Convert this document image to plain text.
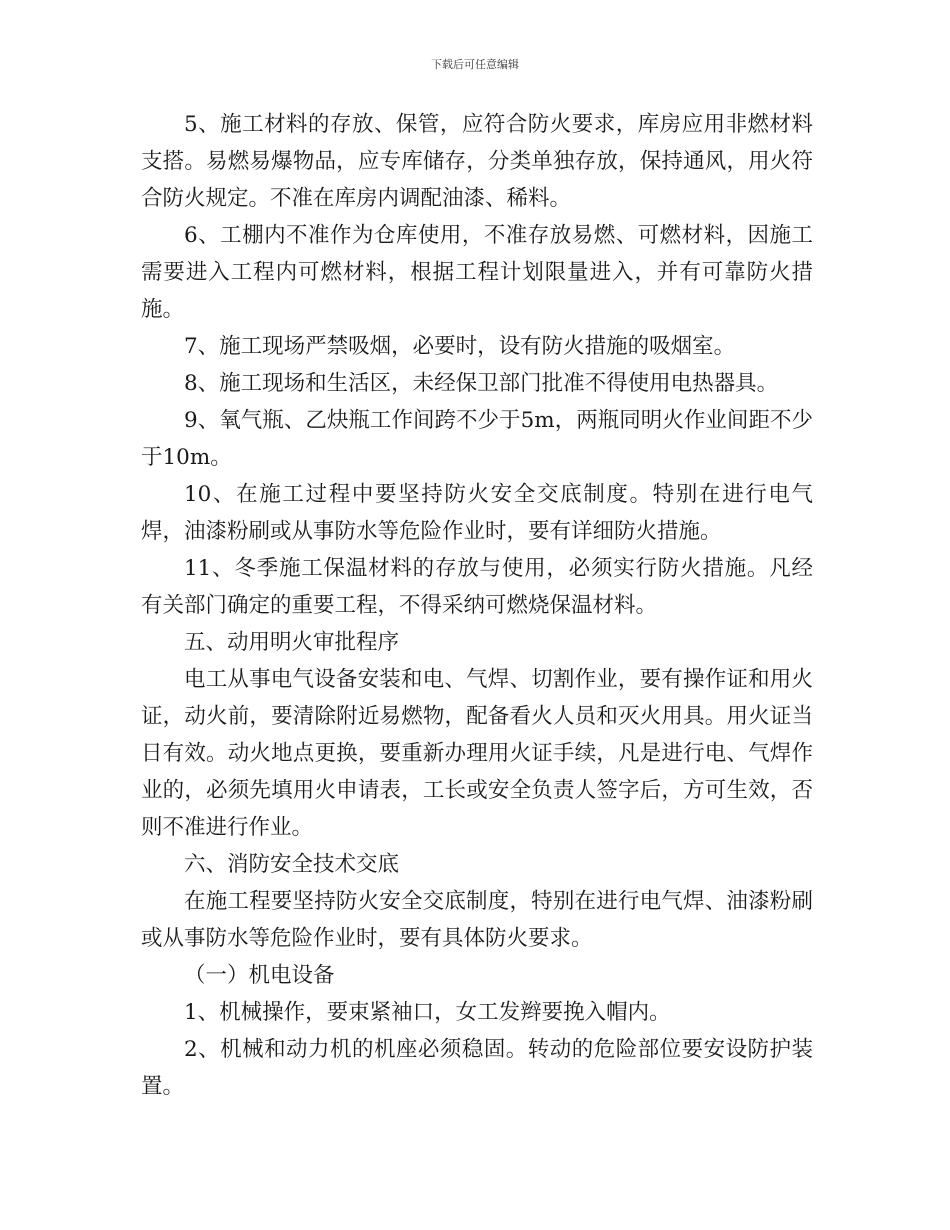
下载后可任意编辑

5、施工材料的存放、保管，应符合防火要求，库房应用非燃材料支搭。易燃易爆物品，应专库储存，分类单独存放，保持通风，用火符合防火规定。不准在库房内调配油漆、稀料。

6、工棚内不准作为仓库使用，不准存放易燃、可燃材料，因施工需要进入工程内可燃材料，根据工程计划限量进入，并有可靠防火措施。

7、施工现场严禁吸烟，必要时，设有防火措施的吸烟室。

8、施工现场和生活区，未经保卫部门批准不得使用电热器具。

9、氧气瓶、乙炔瓶工作间跨不少于5m，两瓶同明火作业间距不少于10m。

10、在施工过程中要坚持防火安全交底制度。特别在进行电气焊，油漆粉刷或从事防水等危险作业时，要有详细防火措施。

11、冬季施工保温材料的存放与使用，必须实行防火措施。凡经有关部门确定的重要工程，不得采纳可燃烧保温材料。

五、动用明火审批程序

电工从事电气设备安装和电、气焊、切割作业，要有操作证和用火证，动火前，要清除附近易燃物，配备看火人员和灭火用具。用火证当日有效。动火地点更换，要重新办理用火证手续，凡是进行电、气焊作业的，必须先填用火申请表，工长或安全负责人签字后，方可生效，否则不准进行作业。

六、消防安全技术交底

在施工程要坚持防火安全交底制度，特别在进行电气焊、油漆粉刷或从事防水等危险作业时，要有具体防火要求。

（一）机电设备

1、机械操作，要束紧袖口，女工发辫要挽入帽内。

2、机械和动力机的机座必须稳固。转动的危险部位要安设防护装置。
